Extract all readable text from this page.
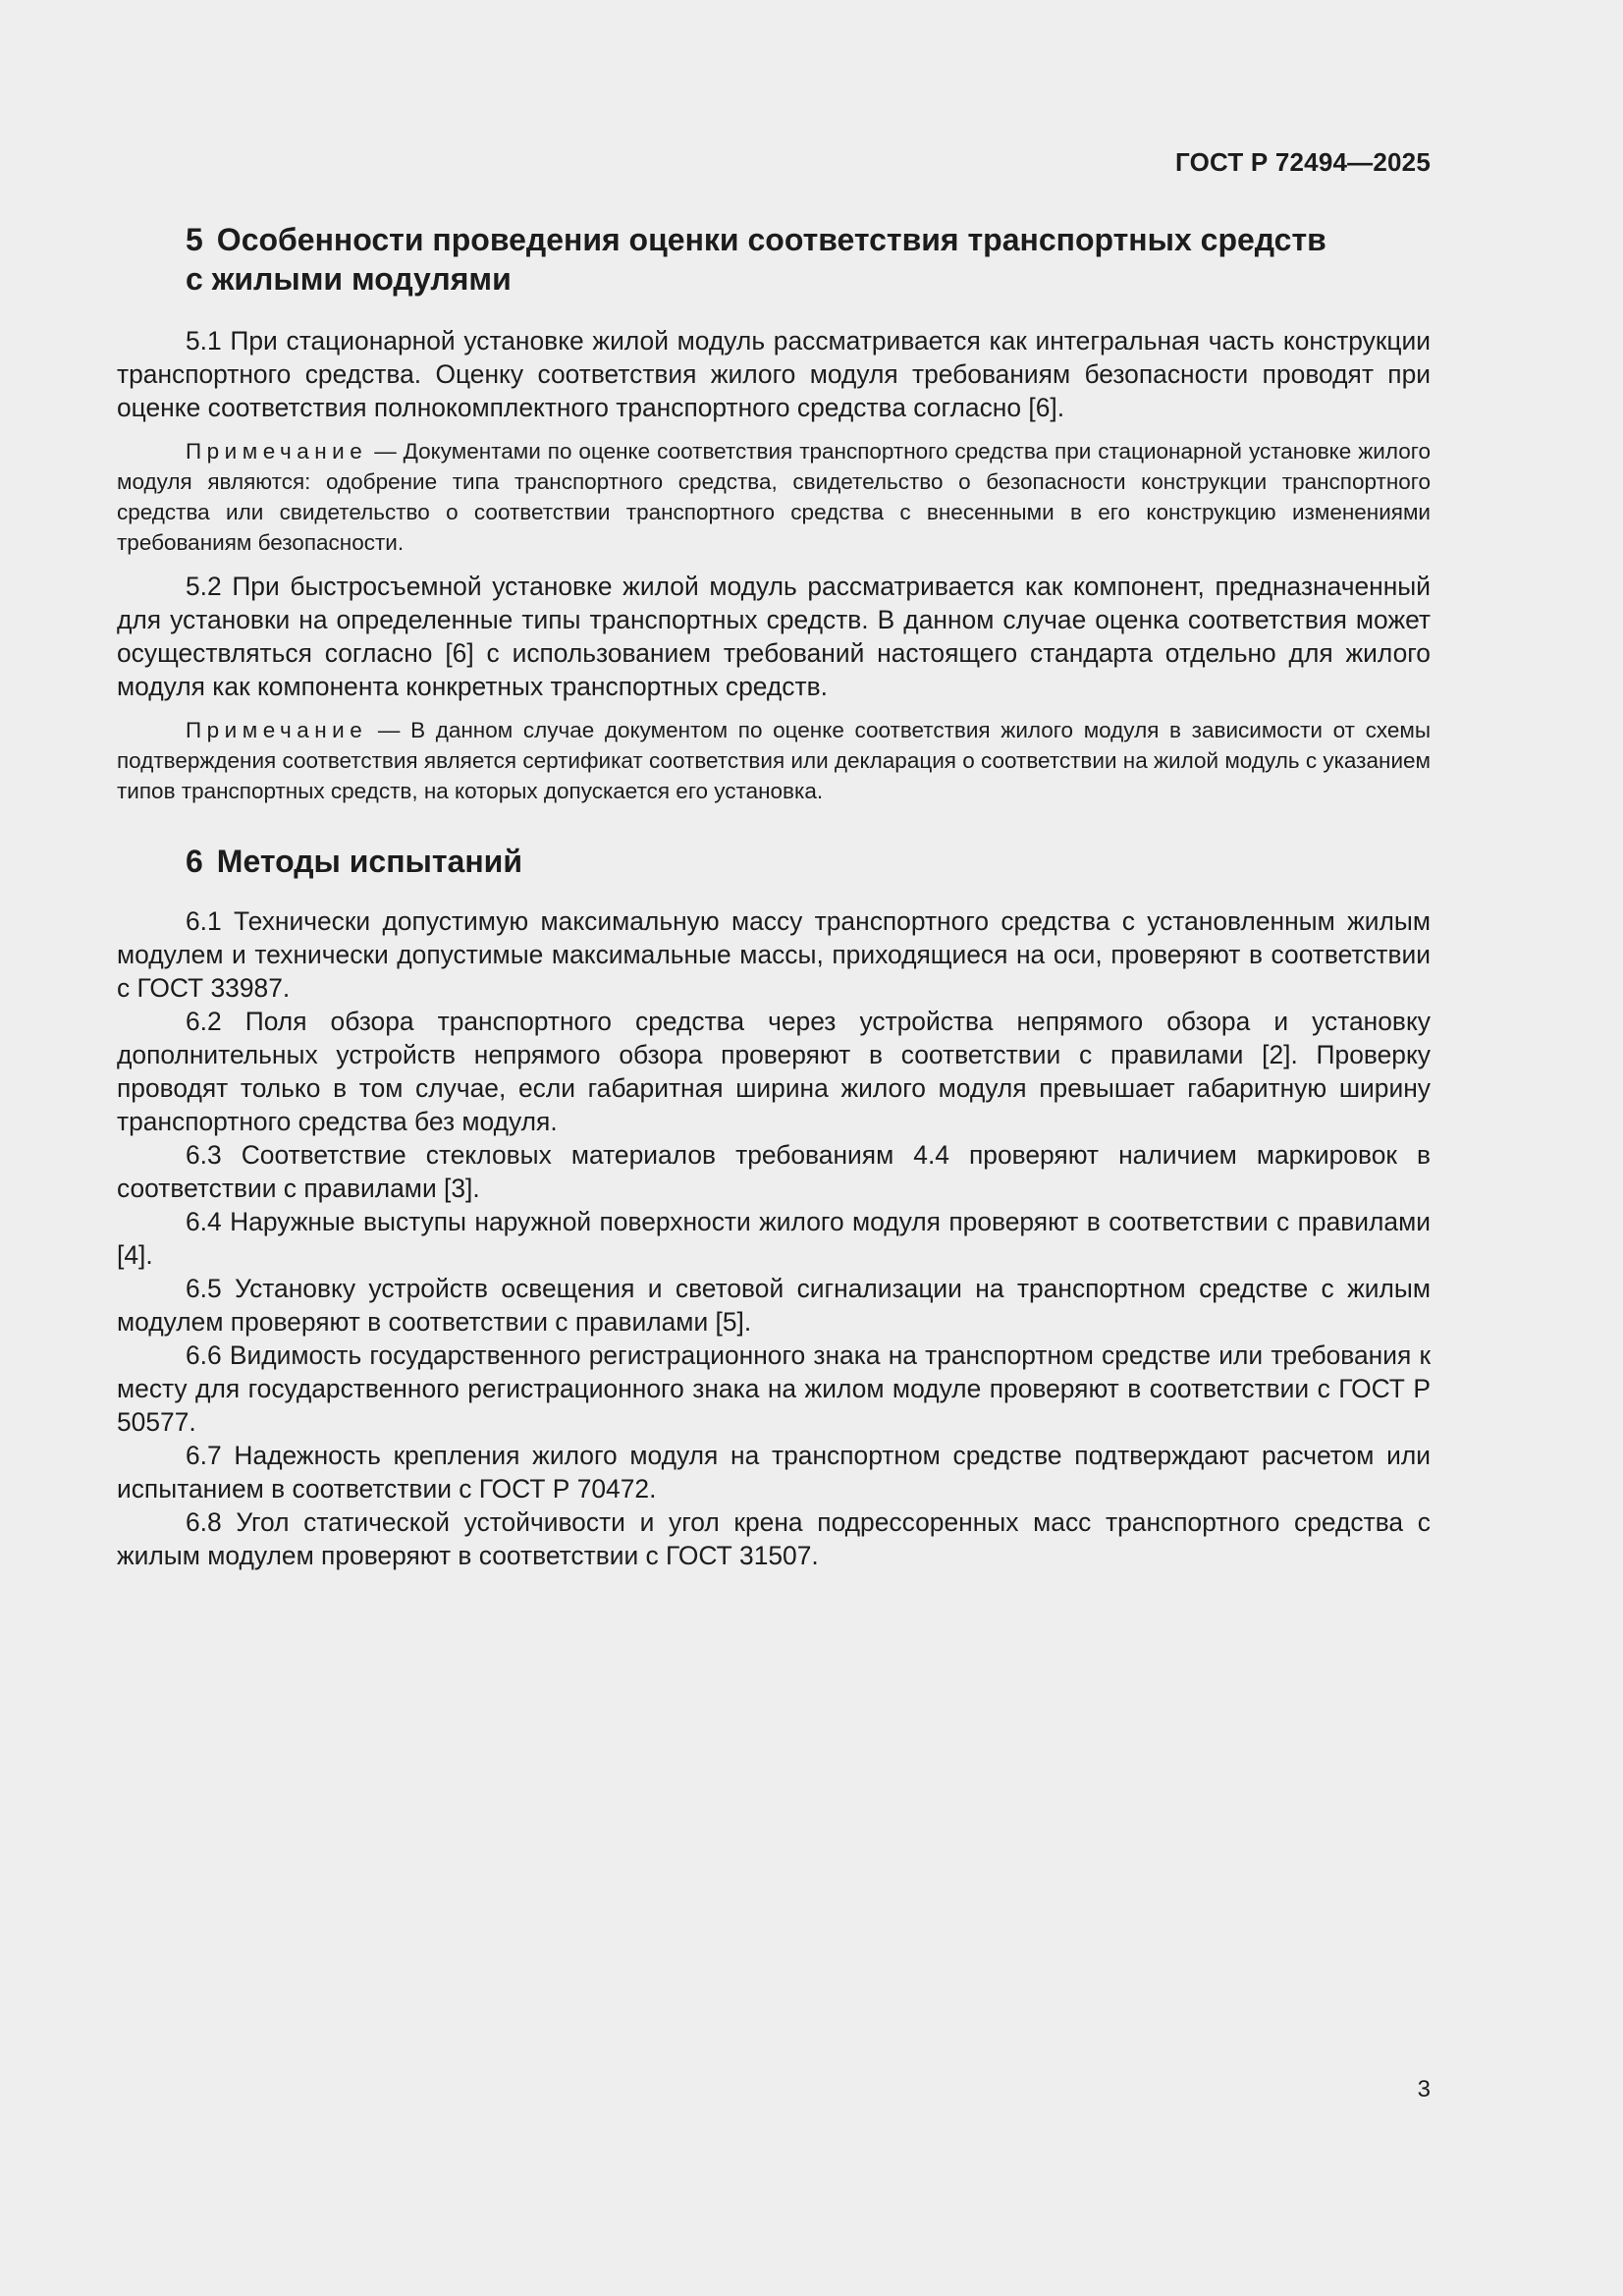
ГОСТ Р 72494—2025
5 Особенности проведения оценки соответствия транспортных средств
с жилыми модулями

5.1 При стационарной установке жилой модуль рассматривается как интегральная часть конструкции транспортного средства. Оценку соответствия жилого модуля требованиям безопасности проводят при оценке соответствия полнокомплектного транспортного средства согласно [6].

Примечание — Документами по оценке соответствия транспортного средства при стационарной установке жилого модуля являются: одобрение типа транспортного средства, свидетельство о безопасности конструкции транспортного средства или свидетельство о соответствии транспортного средства с внесенными в его конструкцию изменениями требованиям безопасности.

5.2 При быстросъемной установке жилой модуль рассматривается как компонент, предназначенный для установки на определенные типы транспортных средств. В данном случае оценка соответствия может осуществляться согласно [6] с использованием требований настоящего стандарта отдельно для жилого модуля как компонента конкретных транспортных средств.

Примечание — В данном случае документом по оценке соответствия жилого модуля в зависимости от схемы подтверждения соответствия является сертификат соответствия или декларация о соответствии на жилой модуль с указанием типов транспортных средств, на которых допускается его установка.

6 Методы испытаний

6.1 Технически допустимую максимальную массу транспортного средства с установленным жилым модулем и технически допустимые максимальные массы, приходящиеся на оси, проверяют в соответствии с ГОСТ 33987.

6.2 Поля обзора транспортного средства через устройства непрямого обзора и установку дополнительных устройств непрямого обзора проверяют в соответствии с правилами [2]. Проверку проводят только в том случае, если габаритная ширина жилого модуля превышает габаритную ширину транспортного средства без модуля.

6.3 Соответствие стекловых материалов требованиям 4.4 проверяют наличием маркировок в соответствии с правилами [3].

6.4 Наружные выступы наружной поверхности жилого модуля проверяют в соответствии с правилами [4].

6.5 Установку устройств освещения и световой сигнализации на транспортном средстве с жилым модулем проверяют в соответствии с правилами [5].

6.6 Видимость государственного регистрационного знака на транспортном средстве или требования к месту для государственного регистрационного знака на жилом модуле проверяют в соответствии с ГОСТ Р 50577.

6.7 Надежность крепления жилого модуля на транспортном средстве подтверждают расчетом или испытанием в соответствии с ГОСТ Р 70472.

6.8 Угол статической устойчивости и угол крена подрессоренных масс транспортного средства с жилым модулем проверяют в соответствии с ГОСТ 31507.

3
